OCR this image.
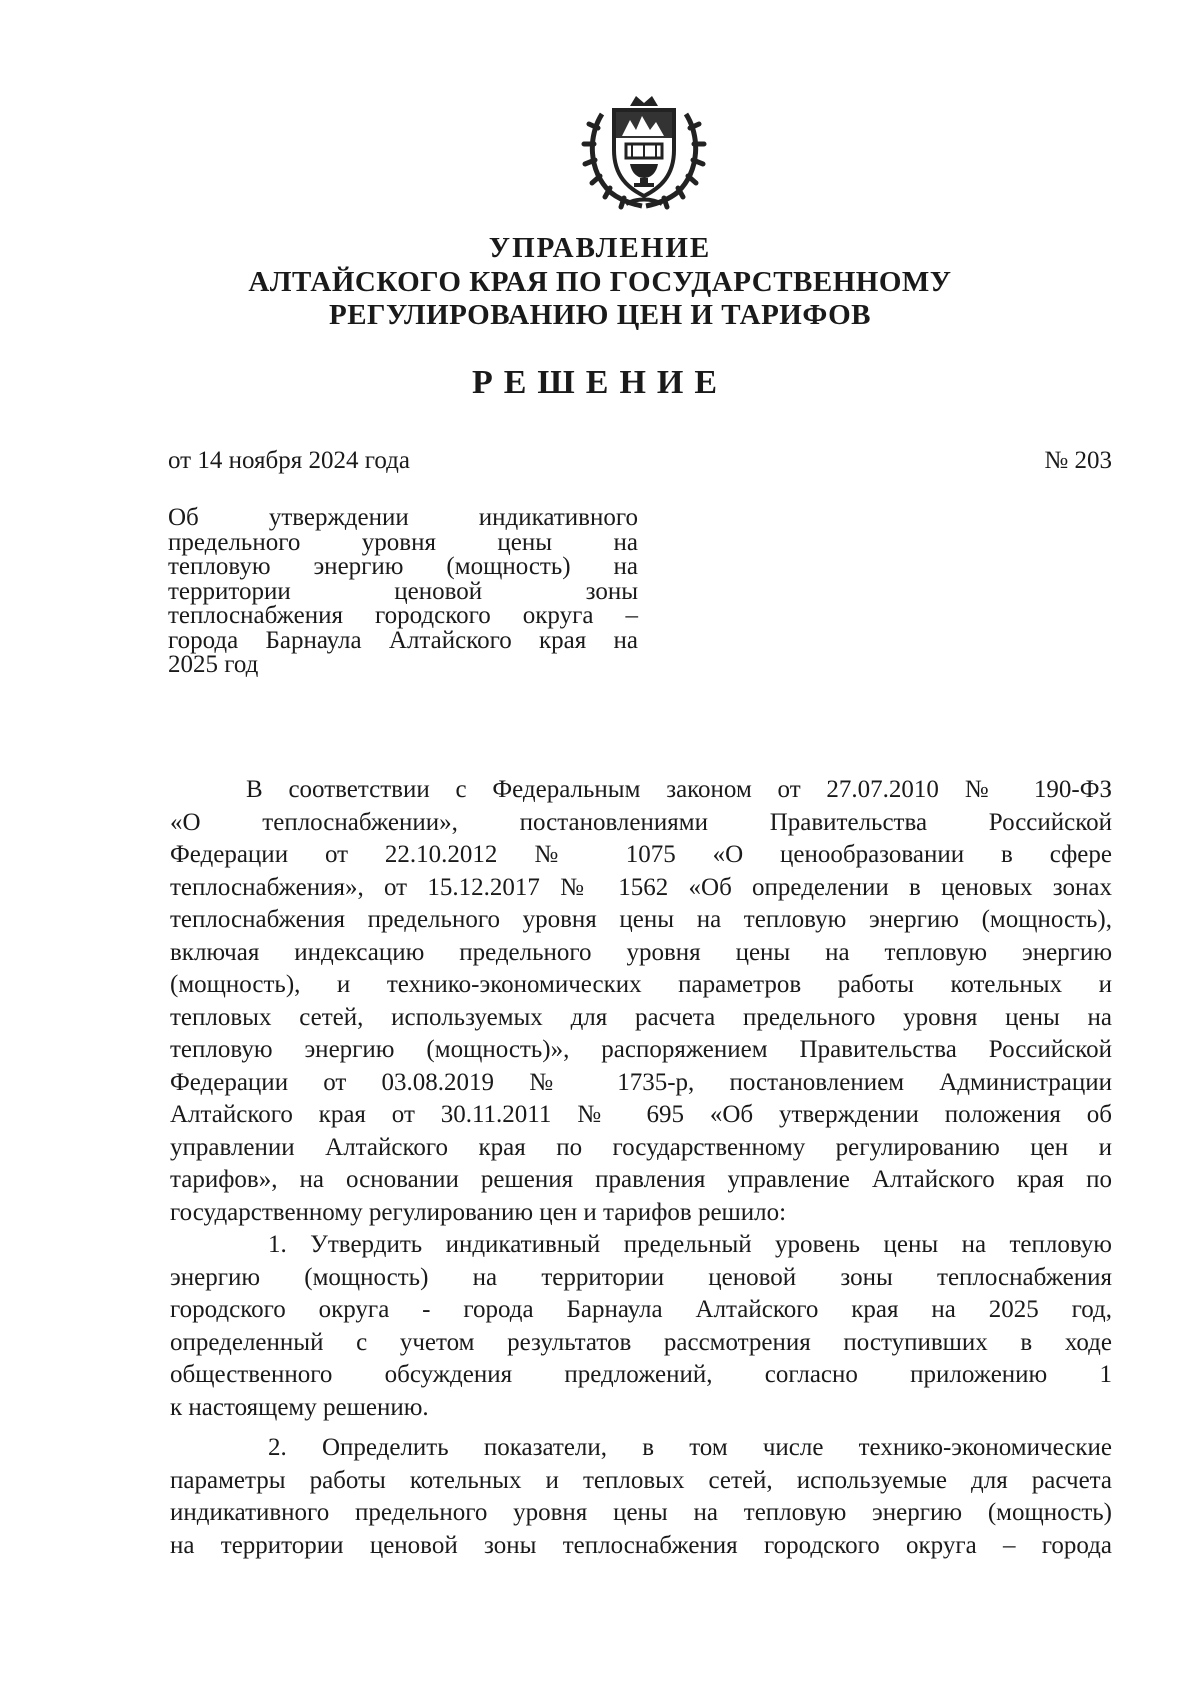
УПРАВЛЕНИЕ
АЛТАЙСКОГО КРАЯ ПО ГОСУДАРСТВЕННОМУ
РЕГУЛИРОВАНИЮ ЦЕН И ТАРИФОВ
РЕШЕНИЕ
от 14 ноября 2024 года	№ 203
Об утверждении индикативного
предельного уровня цены на
тепловую энергию (мощность) на
территории ценовой зоны
теплоснабжения городского округа –
города Барнаула Алтайского края на
2025 год
В соответствии с Федеральным законом от 27.07.2010 № 190-ФЗ
«О теплоснабжении», постановлениями Правительства Российской
Федерации от 22.10.2012 № 1075 «О ценообразовании в сфере
теплоснабжения», от 15.12.2017 № 1562 «Об определении в ценовых зонах
теплоснабжения предельного уровня цены на тепловую энергию (мощность),
включая индексацию предельного уровня цены на тепловую энергию
(мощность), и технико-экономических параметров работы котельных и
тепловых сетей, используемых для расчета предельного уровня цены на
тепловую энергию (мощность)», распоряжением Правительства Российской
Федерации от 03.08.2019 № 1735-р, постановлением Администрации
Алтайского края от 30.11.2011 № 695 «Об утверждении положения об
управлении Алтайского края по государственному регулированию цен и
тарифов», на основании решения правления управление Алтайского края по
государственному регулированию цен и тарифов решило:
1. Утвердить индикативный предельный уровень цены на тепловую
энергию (мощность) на территории ценовой зоны теплоснабжения
городского округа - города Барнаула Алтайского края на 2025 год,
определенный с учетом результатов рассмотрения поступивших в ходе
общественного обсуждения предложений, согласно приложению 1
к настоящему решению.
2. Определить показатели, в том числе технико-экономические
параметры работы котельных и тепловых сетей, используемые для расчета
индикативного предельного уровня цены на тепловую энергию (мощность)
на территории ценовой зоны теплоснабжения городского округа – города
